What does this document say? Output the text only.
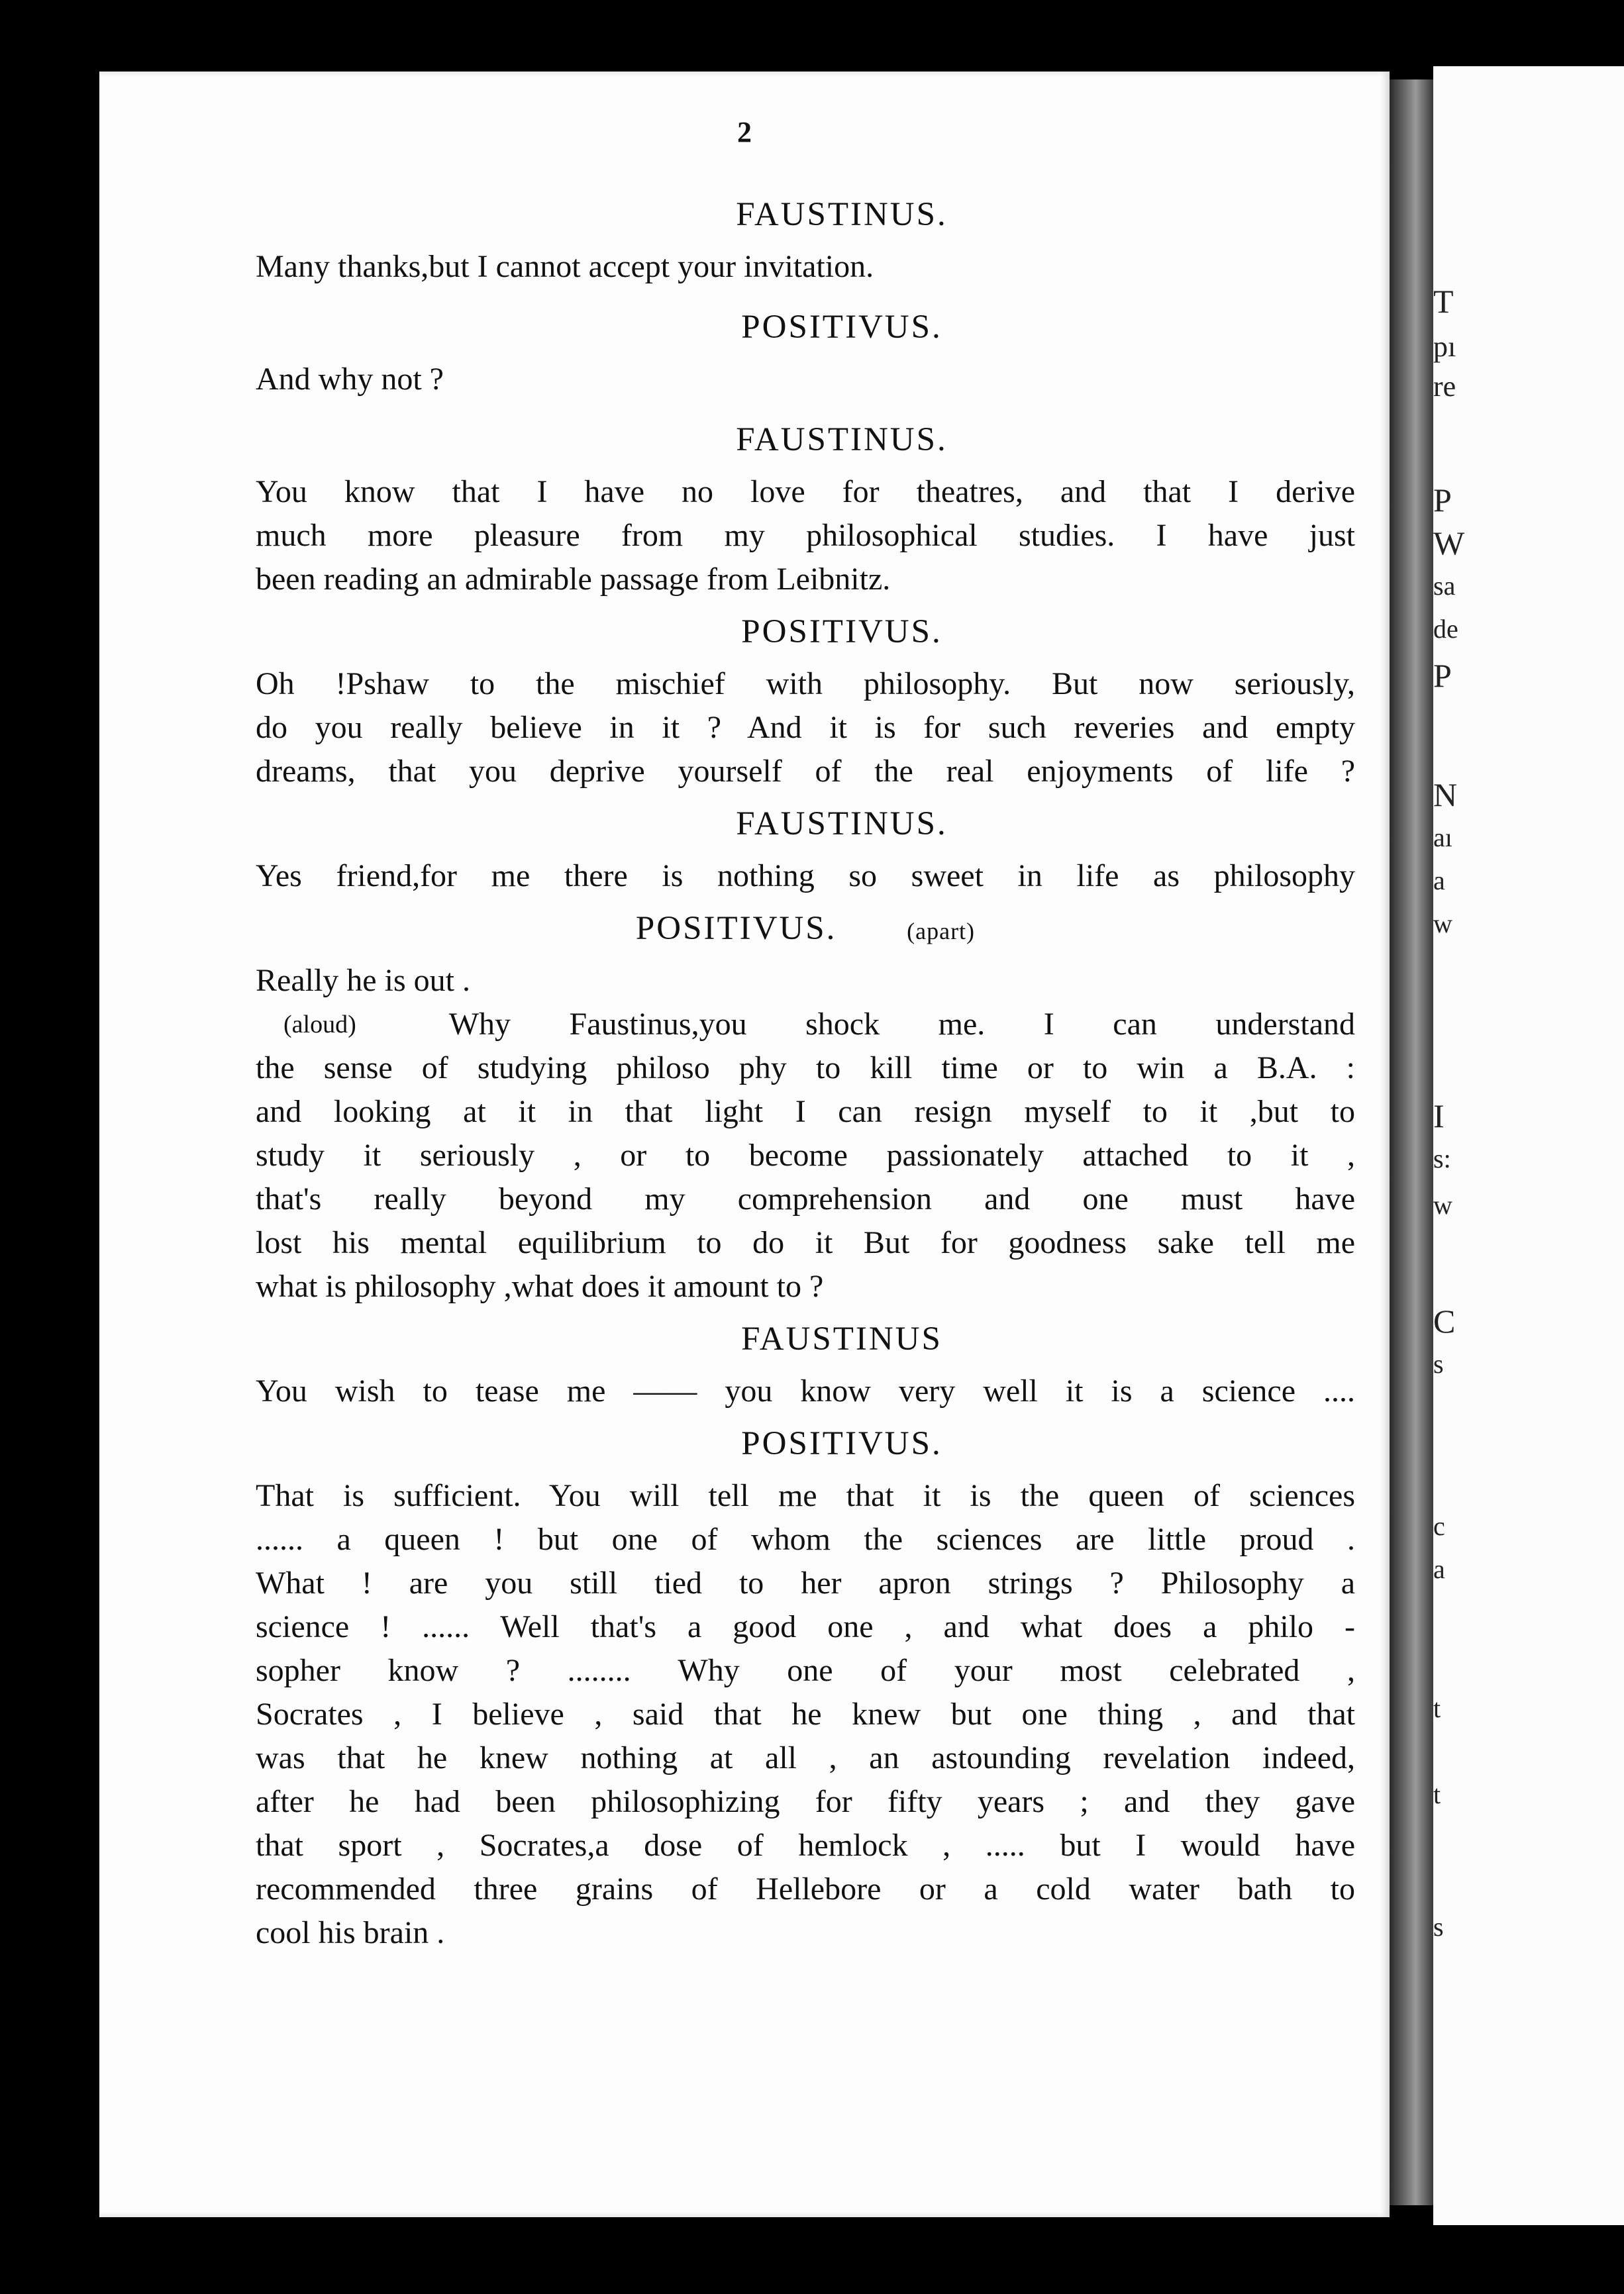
T
pı
re
P
W
sa
de
P
N
aı
a
w
I
s:
w
C
s
c
a
t
t
s
2
FAUSTINUS.
Many thanks,but I cannot accept your invitation.
POSITIVUS.
And why not ?
FAUSTINUS.
You know that I have no love for theatres, and that I derive
much more pleasure from my philosophical studies. I have just
been reading an admirable passage from Leibnitz.
POSITIVUS.
Oh !Pshaw to the mischief with philosophy. But now seriously,
do you really believe in it ? And it is for such reveries and empty
dreams, that you deprive yourself of the real enjoyments of life ?
FAUSTINUS.
Yes friend,for me there is nothing so sweet in life as philosophy
POSITIVUS.	(apart)
Really he is out .
(aloud)	Why Faustinus,you shock me. I can understand
the sense of studying philoso phy to kill time or to win a B.A. :
and looking at it in that light I can resign myself to it ,but to
study it seriously , or to become passionately attached to it ,
that's really beyond my comprehension and one must have
lost his mental equilibrium to do it But for goodness sake tell me
what is philosophy ,what does it amount to ?
FAUSTINUS
You wish to tease me —— you know very well it is a science ....
POSITIVUS.
That is sufficient. You will tell me that it is the queen of sciences
...... a queen ! but one of whom the sciences are little proud .
What ! are you still tied to her apron strings ? Philosophy a
science ! ...... Well that's a good one , and what does a philo -
sopher know ? ........ Why one of your most celebrated ,
Socrates , I believe , said that he knew but one thing , and that
was that he knew nothing at all , an astounding revelation indeed,
after he had been philosophizing for fifty years ; and they gave
that sport , Socrates,a dose of hemlock , ..... but I would have
recommended three grains of Hellebore or a cold water bath to
cool his brain .
